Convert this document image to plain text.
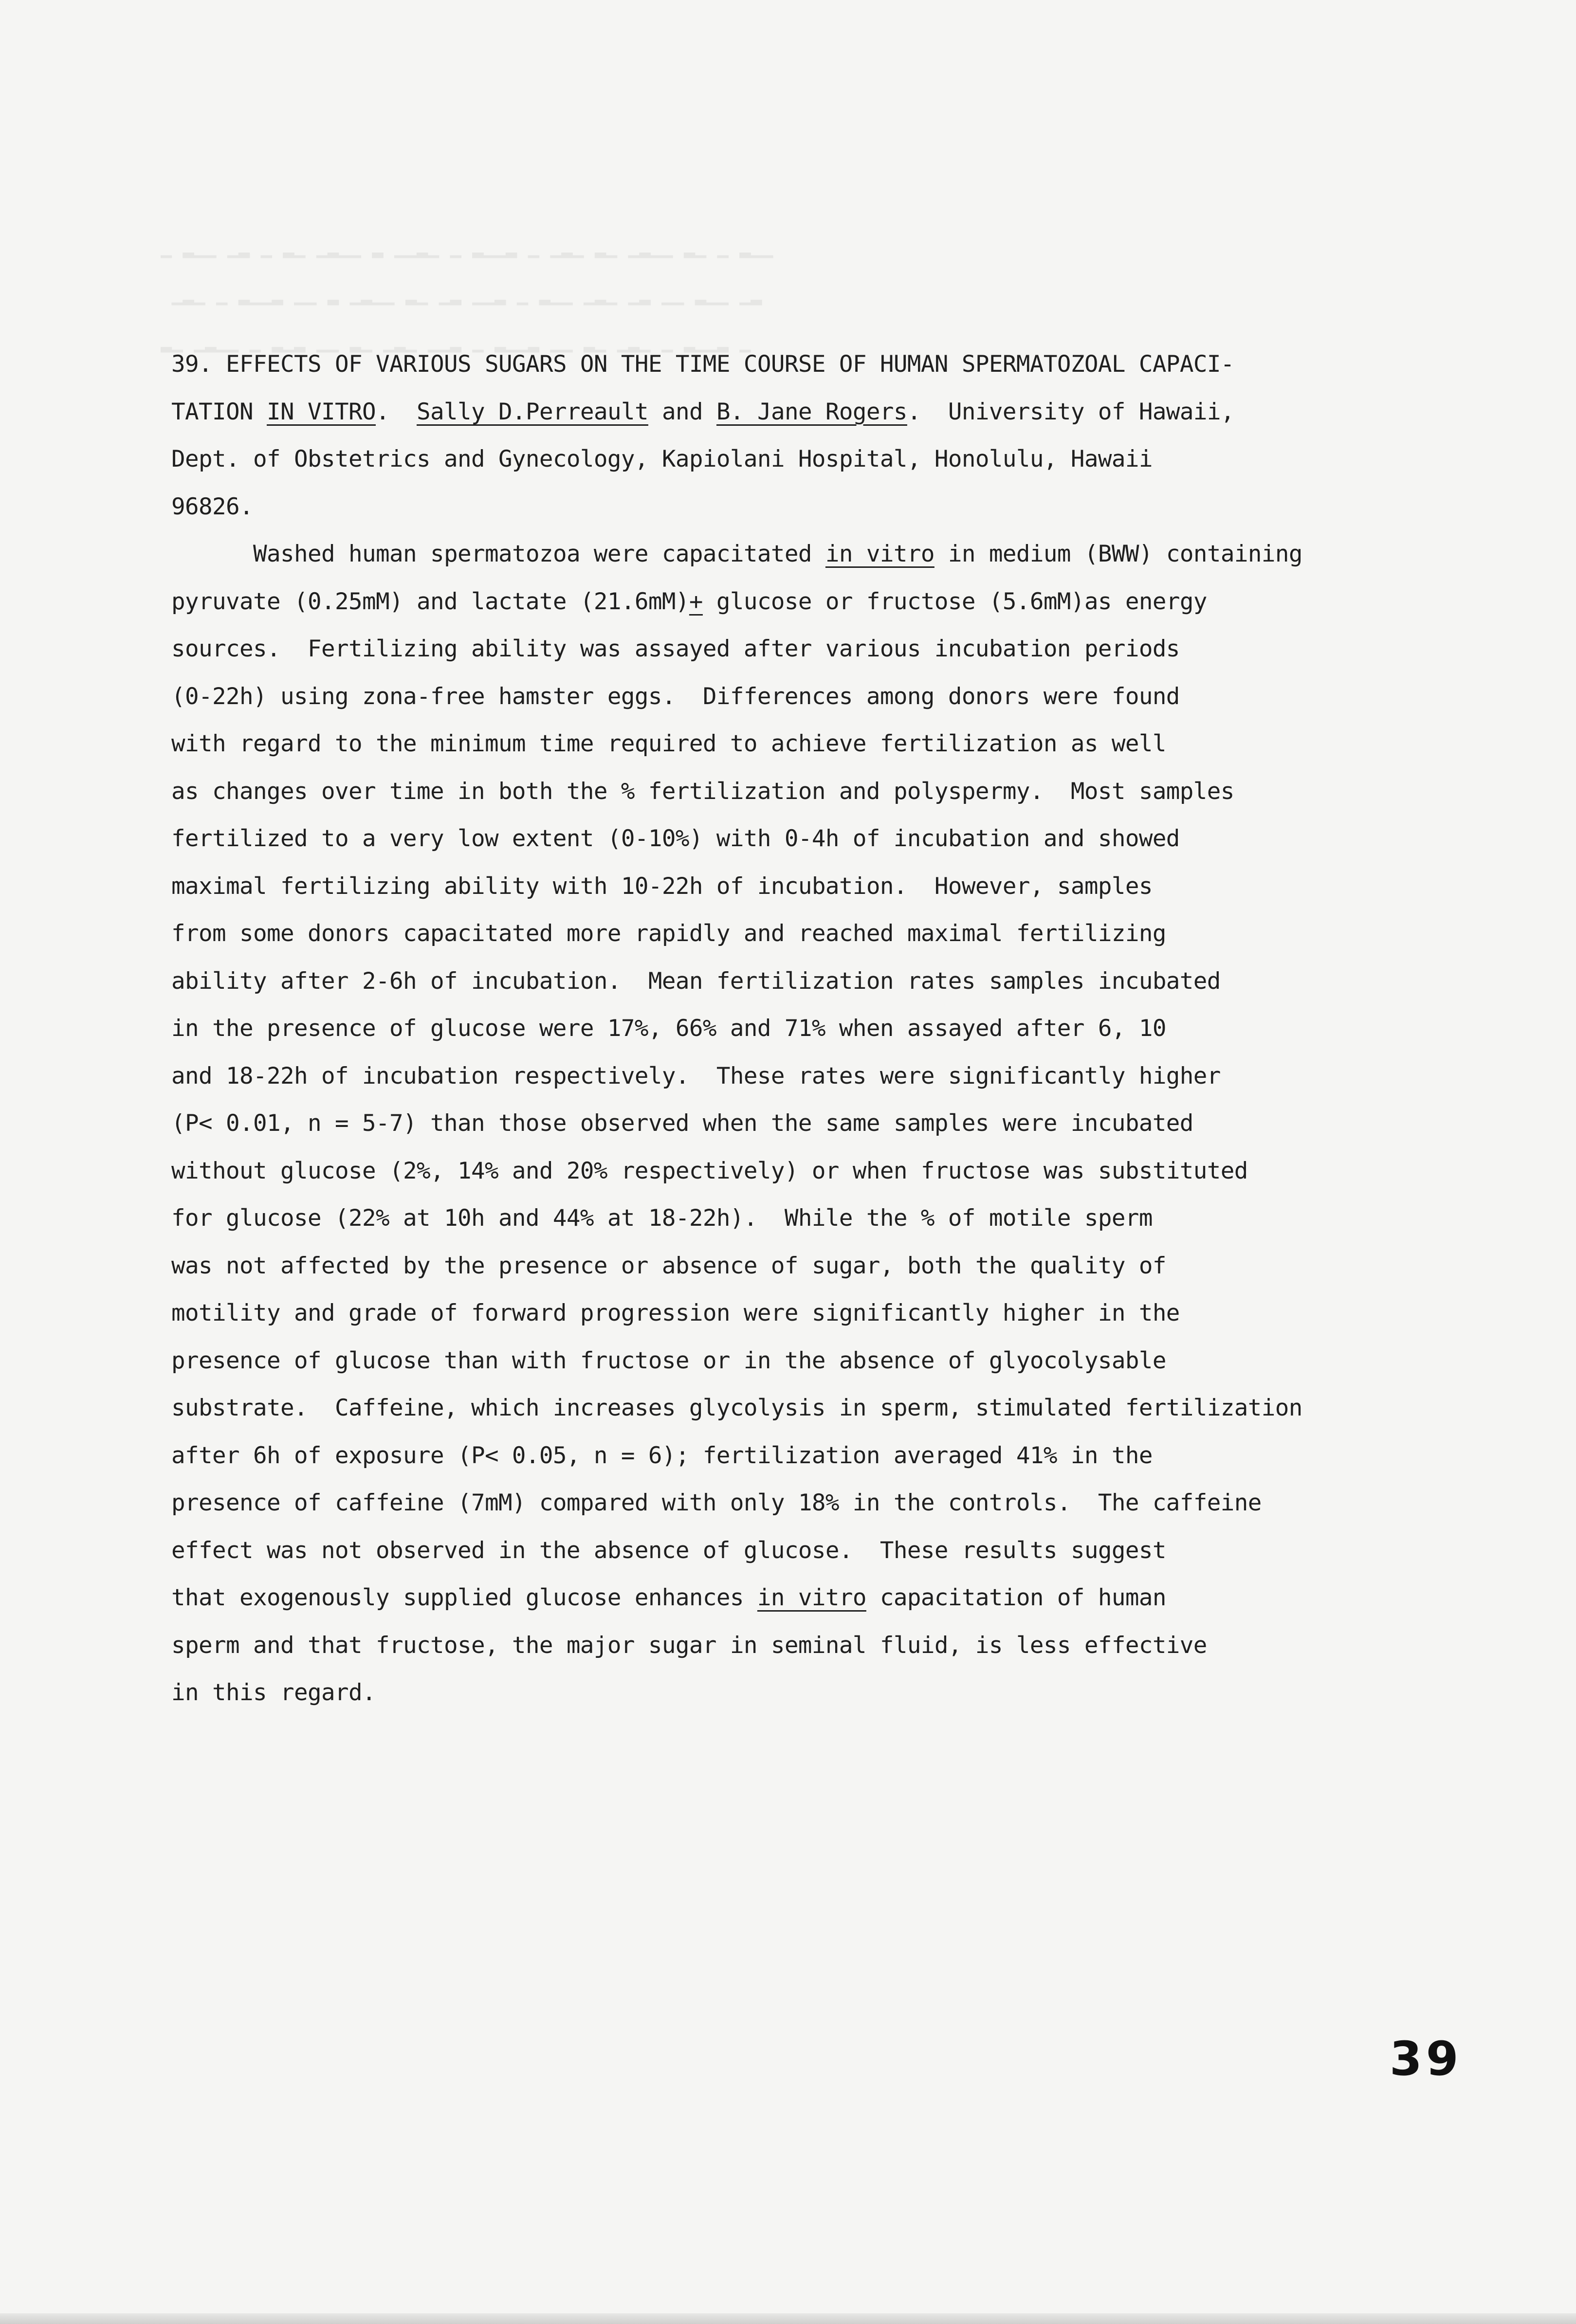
▁ ▂▁▁ ▁▂ ▁ ▂▁ ▁▂▁▁ ▂ ▁▁▂▁ ▁ ▂▁▁▂ ▁ ▁▂▁ ▂▁ ▁▂▁▁ ▂▁ ▁ ▂▁▁
▁▂▁ ▁ ▂▁▁▂ ▁▁ ▂ ▁▂▁▁ ▂▁ ▁▂ ▁▁▂ ▁ ▂▁▁ ▁▂▁ ▁▂ ▁▁ ▂▁▁ ▁▂
▂▁ ▁▂▁▁ ▁ ▂▁▂ ▁▁ ▂▁ ▁▂▁ ▁▁▂ ▁ ▂▁▁▂ ▁▁ ▂▁ ▁▂▁ ▁ ▂▁▁▂ ▁

39. EFFECTS OF VARIOUS SUGARS ON THE TIME COURSE OF HUMAN SPERMATOZOAL CAPACI-
TATION IN VITRO.  Sally D.Perreault and B. Jane Rogers.  University of Hawaii,
Dept. of Obstetrics and Gynecology, Kapiolani Hospital, Honolulu, Hawaii
96826.
Washed human spermatozoa were capacitated in vitro in medium (BWW) containing
pyruvate (0.25mM) and lactate (21.6mM)+ glucose or fructose (5.6mM)as energy
sources.  Fertilizing ability was assayed after various incubation periods
(0-22h) using zona-free hamster eggs.  Differences among donors were found
with regard to the minimum time required to achieve fertilization as well
as changes over time in both the % fertilization and polyspermy.  Most samples
fertilized to a very low extent (0-10%) with 0-4h of incubation and showed
maximal fertilizing ability with 10-22h of incubation.  However, samples
from some donors capacitated more rapidly and reached maximal fertilizing
ability after 2-6h of incubation.  Mean fertilization rates samples incubated
in the presence of glucose were 17%, 66% and 71% when assayed after 6, 10
and 18-22h of incubation respectively.  These rates were significantly higher
(P< 0.01, n = 5-7) than those observed when the same samples were incubated
without glucose (2%, 14% and 20% respectively) or when fructose was substituted
for glucose (22% at 10h and 44% at 18-22h).  While the % of motile sperm
was not affected by the presence or absence of sugar, both the quality of
motility and grade of forward progression were significantly higher in the
presence of glucose than with fructose or in the absence of glyocolysable
substrate.  Caffeine, which increases glycolysis in sperm, stimulated fertilization
after 6h of exposure (P< 0.05, n = 6); fertilization averaged 41% in the
presence of caffeine (7mM) compared with only 18% in the controls.  The caffeine
effect was not observed in the absence of glucose.  These results suggest
that exogenously supplied glucose enhances in vitro capacitation of human
sperm and that fructose, the major sugar in seminal fluid, is less effective
in this regard.
39
